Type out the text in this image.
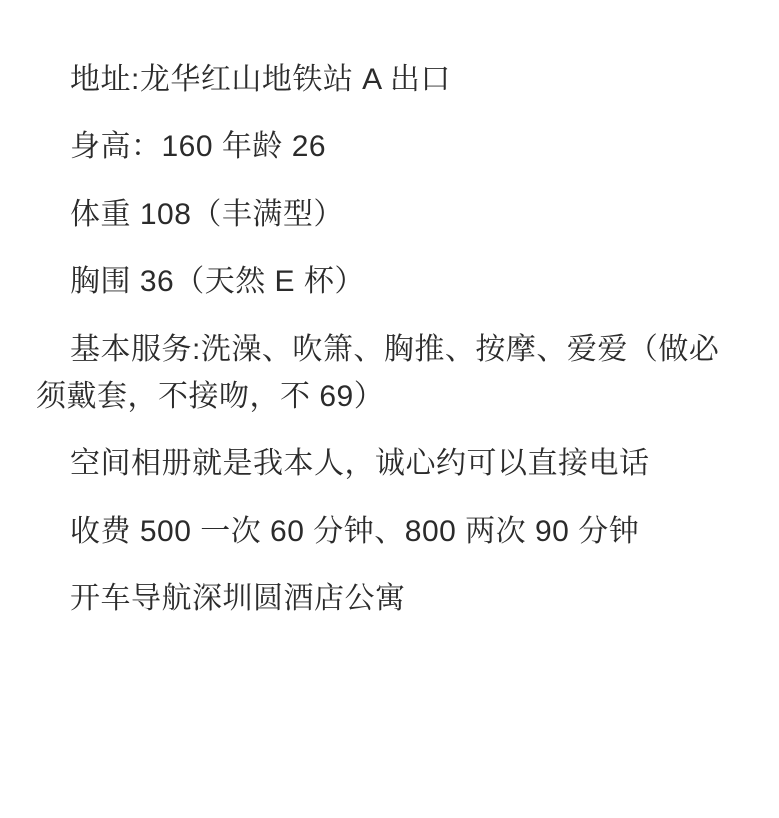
地址:龙华红山地铁站 A 出口

身高：160 年龄 26

体重 108（丰满型）

胸围 36（天然 E 杯）

基本服务:洗澡、吹箫、胸推、按摩、爱爱（做必须戴套，不接吻，不 69）

空间相册就是我本人，诚心约可以直接电话

收费 500 一次 60 分钟、800 两次 90 分钟

开车导航深圳圆酒店公寓
